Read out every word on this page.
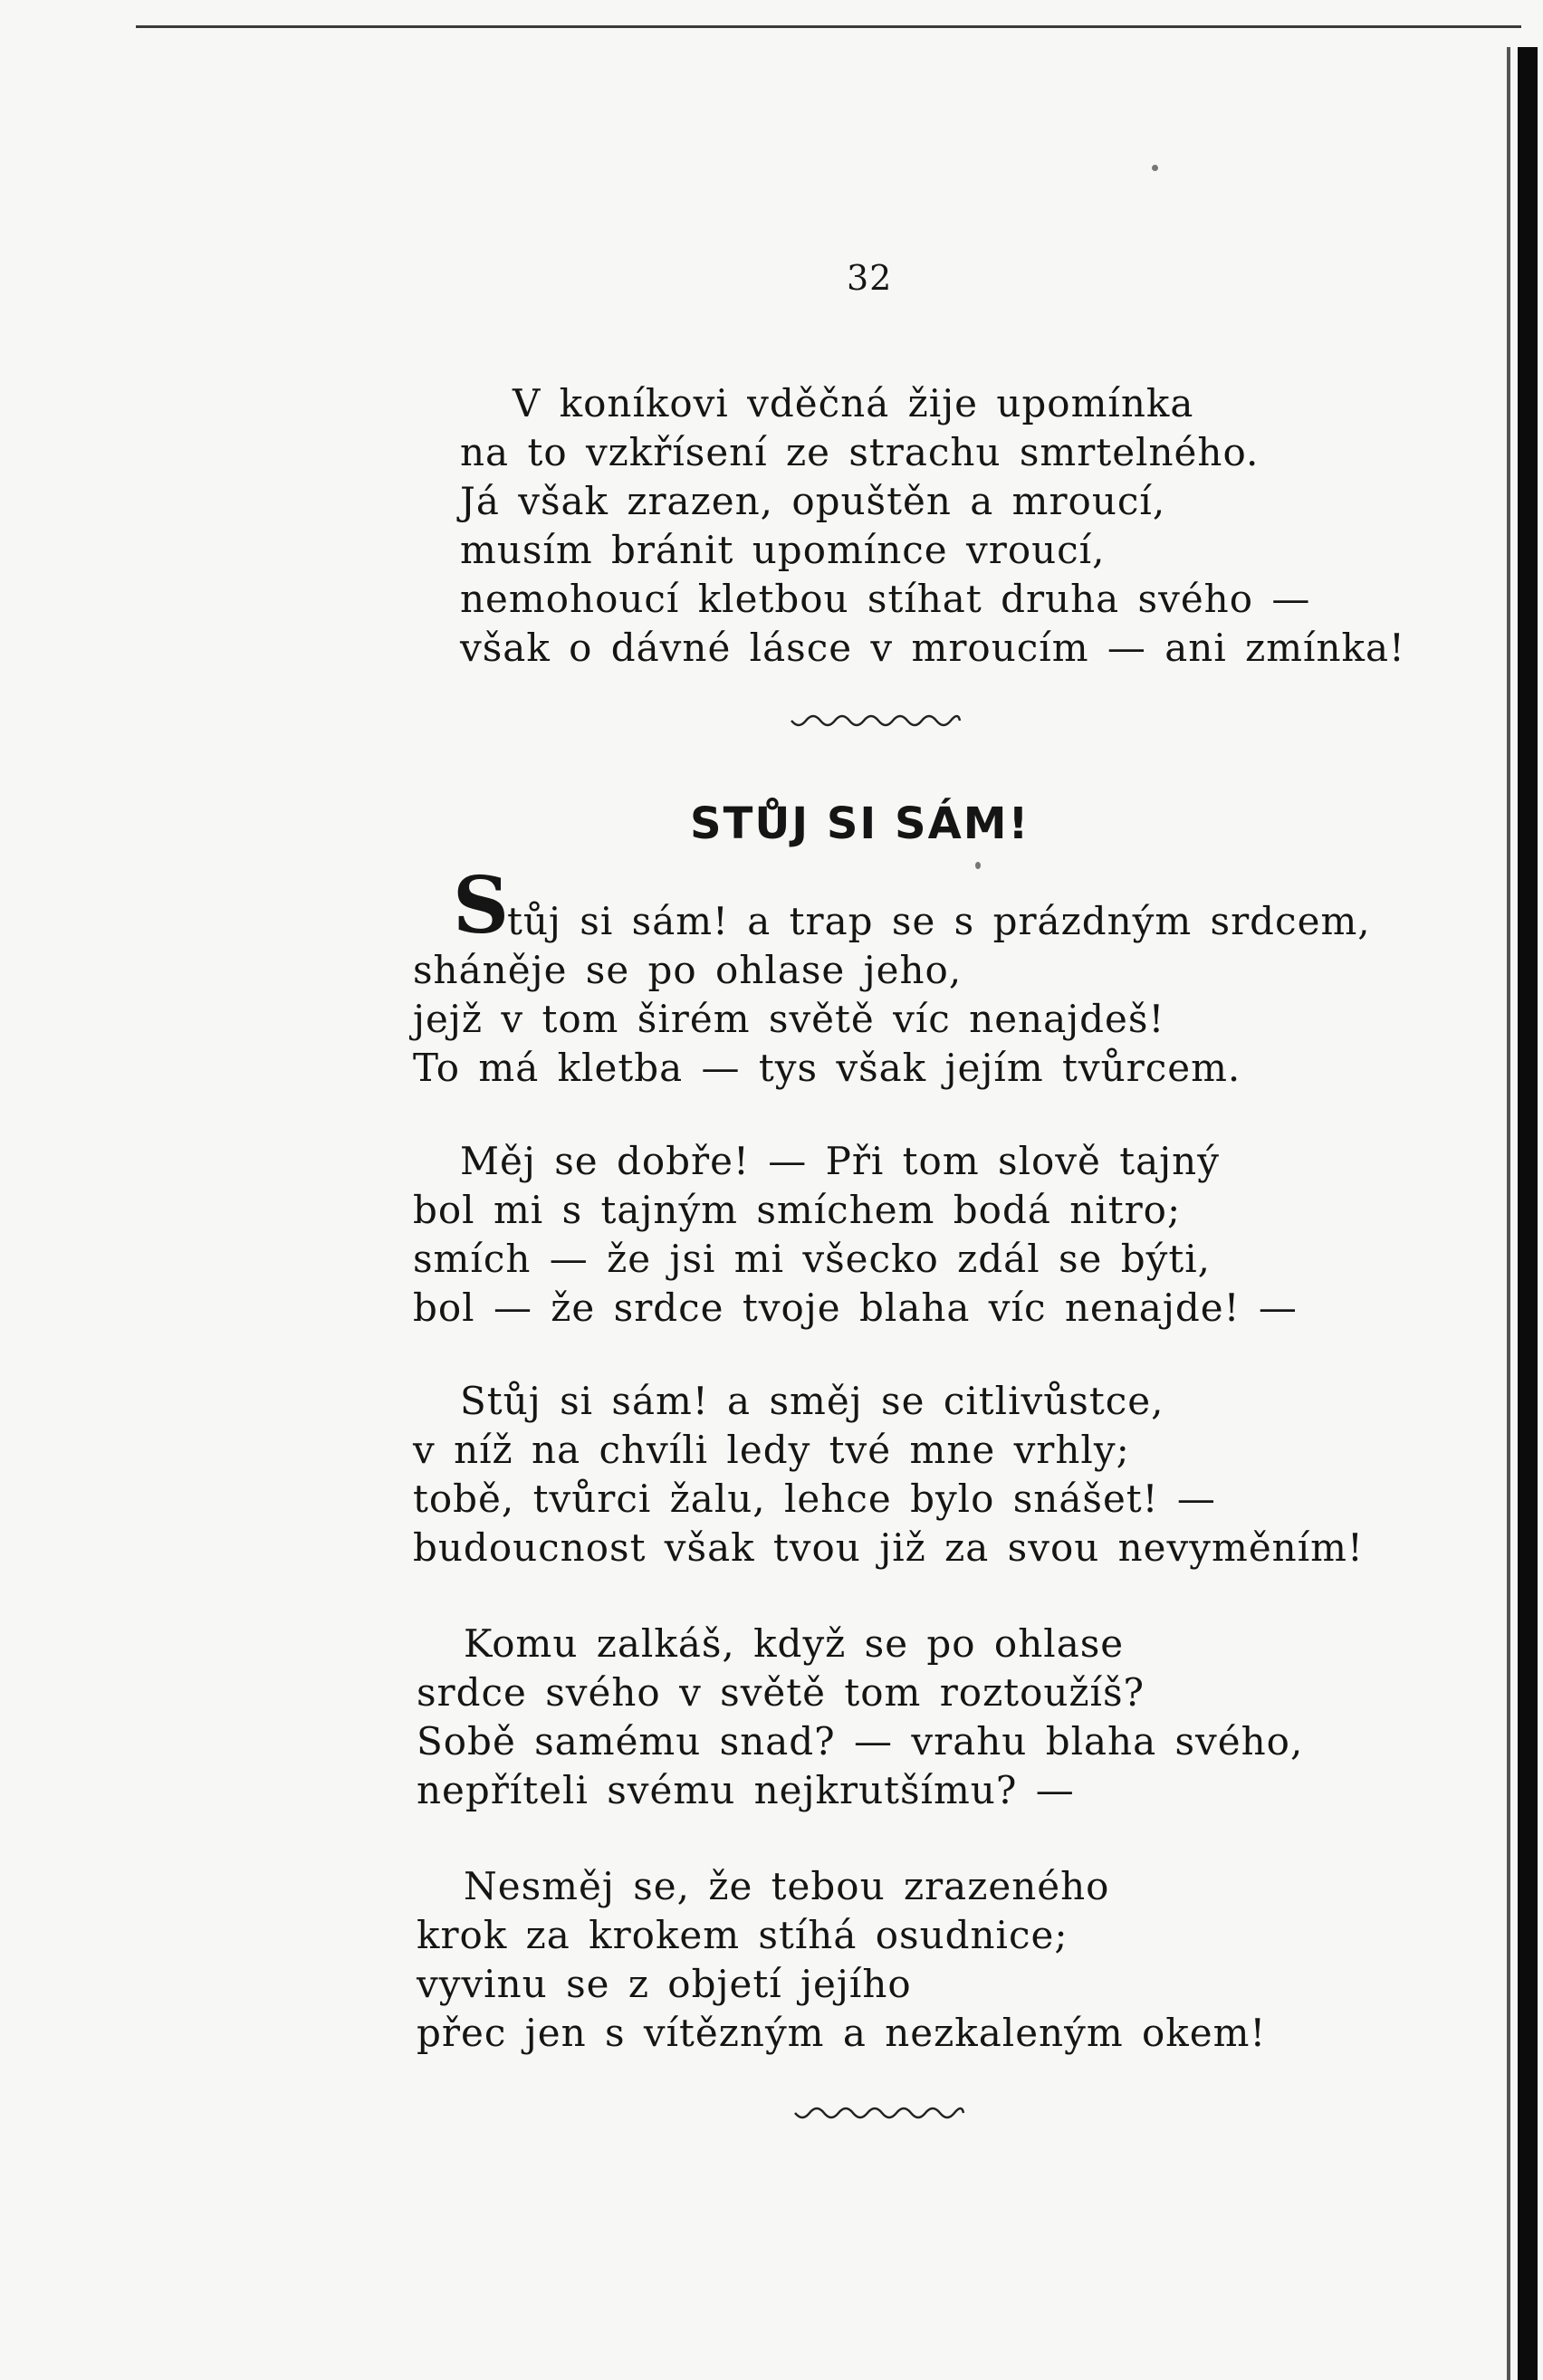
32
V koníkovi vděčná žije upomínka
na to vzkřísení ze strachu smrtelného.
Já však zrazen, opuštěn a mroucí,
musím bránit upomínce vroucí,
nemohoucí kletbou stíhat druha svého —
však o dávné lásce v mroucím — ani zmínka!
STŮJ SI SÁM!
S
tůj si sám! a trap se s prázdným srdcem,
sháněje se po ohlase jeho,
jejž v tom širém světě víc nenajdeš!
To má kletba — tys však jejím tvůrcem.
Měj se dobře! — Při tom slově tajný
bol mi s tajným smíchem bodá nitro;
smích — že jsi mi všecko zdál se býti,
bol — že srdce tvoje blaha víc nenajde! —
Stůj si sám! a směj se citlivůstce,
v níž na chvíli ledy tvé mne vrhly;
tobě, tvůrci žalu, lehce bylo snášet! —
budoucnost však tvou již za svou nevyměním!
Komu zalkáš, když se po ohlase
srdce svého v světě tom roztoužíš?
Sobě samému snad? — vrahu blaha svého,
nepříteli svému nejkrutšímu? —
Nesměj se, že tebou zrazeného
krok za krokem stíhá osudnice;
vyvinu se z objetí jejího
přec jen s vítězným a nezkaleným okem!
